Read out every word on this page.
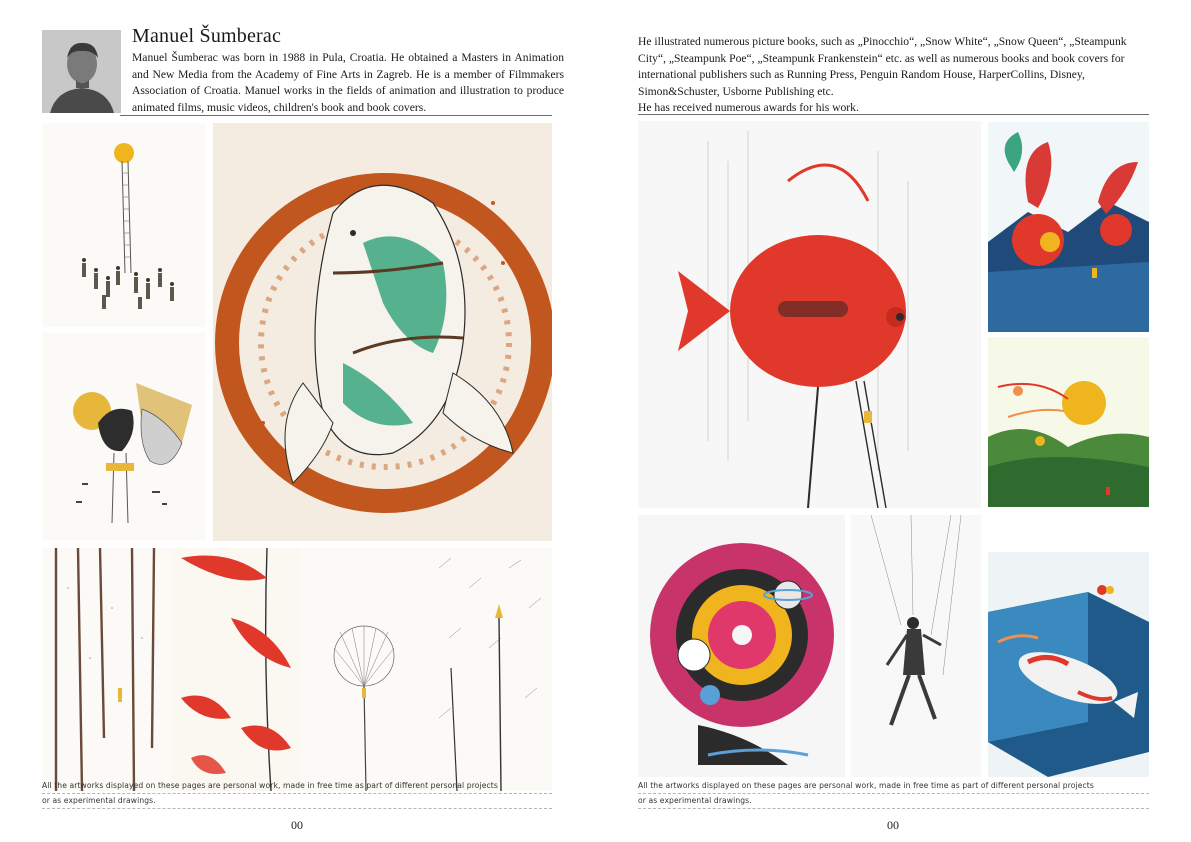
Manuel Šumberac
Manuel Šumberac was born in 1988 in Pula, Croatia. He obtained a Masters in Animation and New Media from the Academy of Fine Arts in Zagreb. He is a member of Filmmakers Association of Croatia. Manuel works in the fields of animation and illustration to produce animated films, music videos, children's book and book covers.
All the artworks displayed on these pages are personal work, made in free time as part of different personal projects
or as experimental drawings.
00

He illustrated numerous picture books, such as „Pinocchio“, „Snow White“, „Snow Queen“, „Steampunk City“, „Steampunk Poe“, „Steampunk Frankenstein“ etc. as well as numerous books and book covers for international publishers such as Running Press, Penguin Random House, HarperCollins, Disney, Simon&Schuster, Usborne Publishing etc.

He has received numerous awards for his work.

All the artworks displayed on these pages are personal work, made in free time as part of different personal projects
or as experimental drawings.
00
